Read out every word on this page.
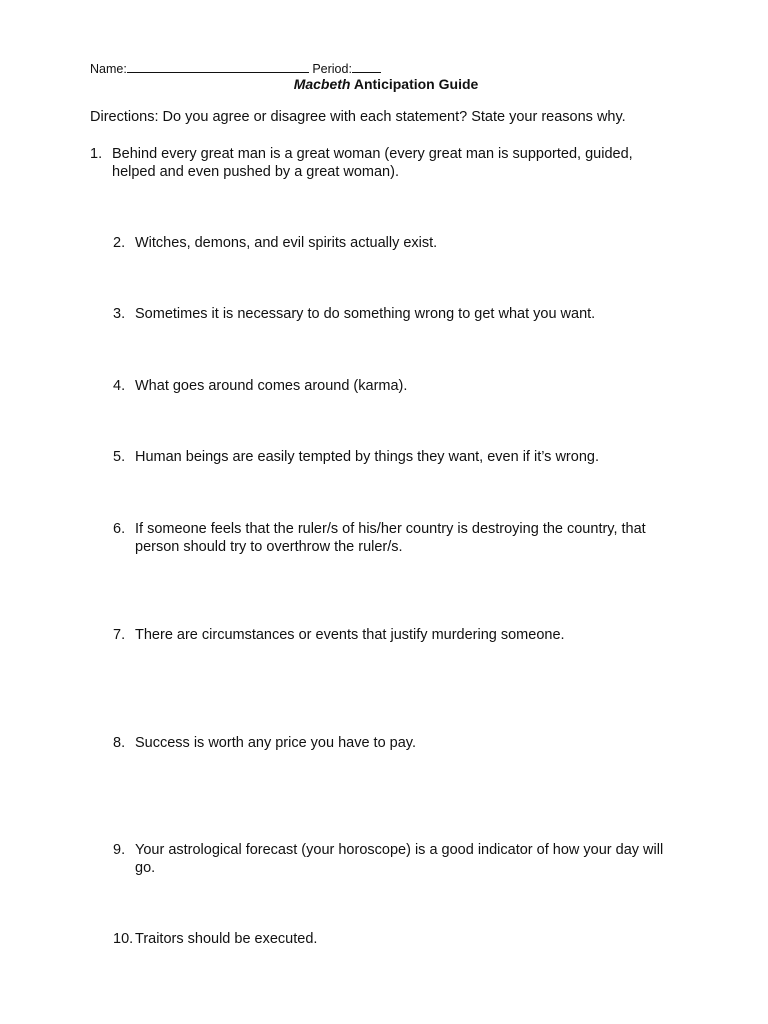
Name:	Period:
Macbeth Anticipation Guide
Directions: Do you agree or disagree with each statement? State your reasons why.
1. Behind every great man is a great woman (every great man is supported, guided, helped and even pushed by a great woman).
2. Witches, demons, and evil spirits actually exist.
3. Sometimes it is necessary to do something wrong to get what you want.
4. What goes around comes around (karma).
5. Human beings are easily tempted by things they want, even if it’s wrong.
6. If someone feels that the ruler/s of his/her country is destroying the country, that person should try to overthrow the ruler/s.
7. There are circumstances or events that justify murdering someone.
8. Success is worth any price you have to pay.
9. Your astrological forecast (your horoscope) is a good indicator of how your day will go.
10. Traitors should be executed.
